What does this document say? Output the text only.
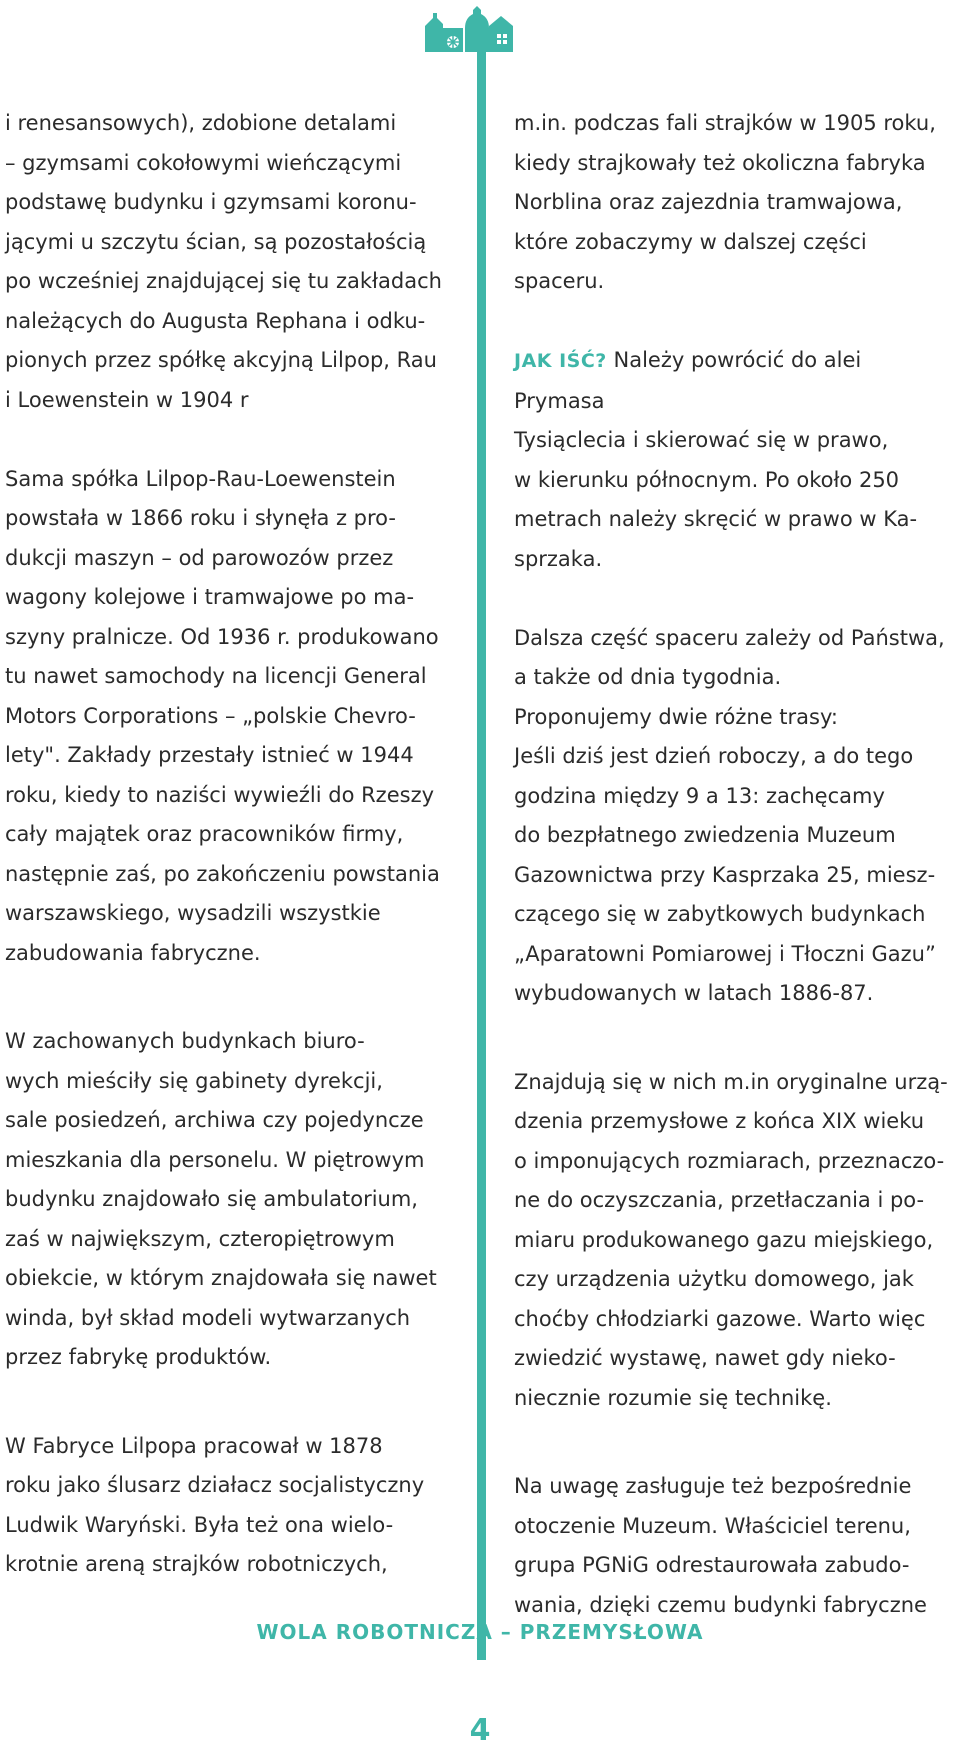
i renesansowych), zdobione detalami
– gzymsami cokołowymi wieńczącymi
podstawę budynku i gzymsami koronu-
jącymi u szczytu ścian, są pozostałością
po wcześniej znajdującej się tu zakładach
należących do Augusta Rephana i odku-
pionych przez spółkę akcyjną Lilpop, Rau
i Loewenstein w 1904 r

Sama spółka Lilpop-Rau-Loewenstein
powstała w 1866 roku i słynęła z pro-
dukcji maszyn – od parowozów przez
wagony kolejowe i tramwajowe po ma-
szyny pralnicze. Od 1936 r. produkowano
tu nawet samochody na licencji General
Motors Corporations – „polskie Chevro-
lety". Zakłady przestały istnieć w 1944
roku, kiedy to naziści wywieźli do Rzeszy
cały majątek oraz pracowników firmy,
następnie zaś, po zakończeniu powstania
warszawskiego, wysadzili wszystkie
zabudowania fabryczne.

W zachowanych budynkach biuro-
wych mieściły się gabinety dyrekcji,
sale posiedzeń, archiwa czy pojedyncze
mieszkania dla personelu. W piętrowym
budynku znajdowało się ambulatorium,
zaś w największym, czteropiętrowym
obiekcie, w którym znajdowała się nawet
winda, był skład modeli wytwarzanych
przez fabrykę produktów.

W Fabryce Lilpopa pracował w 1878
roku jako ślusarz działacz socjalistyczny
Ludwik Waryński. Była też ona wielo-
krotnie areną strajków robotniczych,

m.in. podczas fali strajków w 1905 roku,
kiedy strajkowały też okoliczna fabryka
Norblina oraz zajezdnia tramwajowa,
które zobaczymy w dalszej części
spaceru.

JAK IŚĆ? Należy powrócić do alei Prymasa
Tysiąclecia i skierować się w prawo,
w kierunku północnym. Po około 250
metrach należy skręcić w prawo w Ka-
sprzaka.

Dalsza część spaceru zależy od Państwa,
a także od dnia tygodnia.
Proponujemy dwie różne trasy:
Jeśli dziś jest dzień roboczy, a do tego
godzina między 9 a 13: zachęcamy
do bezpłatnego zwiedzenia Muzeum
Gazownictwa przy Kasprzaka 25, miesz-
czącego się w zabytkowych budynkach
„Aparatowni Pomiarowej i Tłoczni Gazu”
wybudowanych w latach 1886-87.

Znajdują się w nich m.in oryginalne urzą-
dzenia przemysłowe z końca XIX wieku
o imponujących rozmiarach, przeznaczo-
ne do oczyszczania, przetłaczania i po-
miaru produkowanego gazu miejskiego,
czy urządzenia użytku domowego, jak
choćby chłodziarki gazowe. Warto więc
zwiedzić wystawę, nawet gdy nieko-
niecznie rozumie się technikę.

Na uwagę zasługuje też bezpośrednie
otoczenie Muzeum. Właściciel terenu,
grupa PGNiG odrestaurowała zabudo-
wania, dzięki czemu budynki fabryczne

WOLA ROBOTNICZA – PRZEMYSŁOWA
4
